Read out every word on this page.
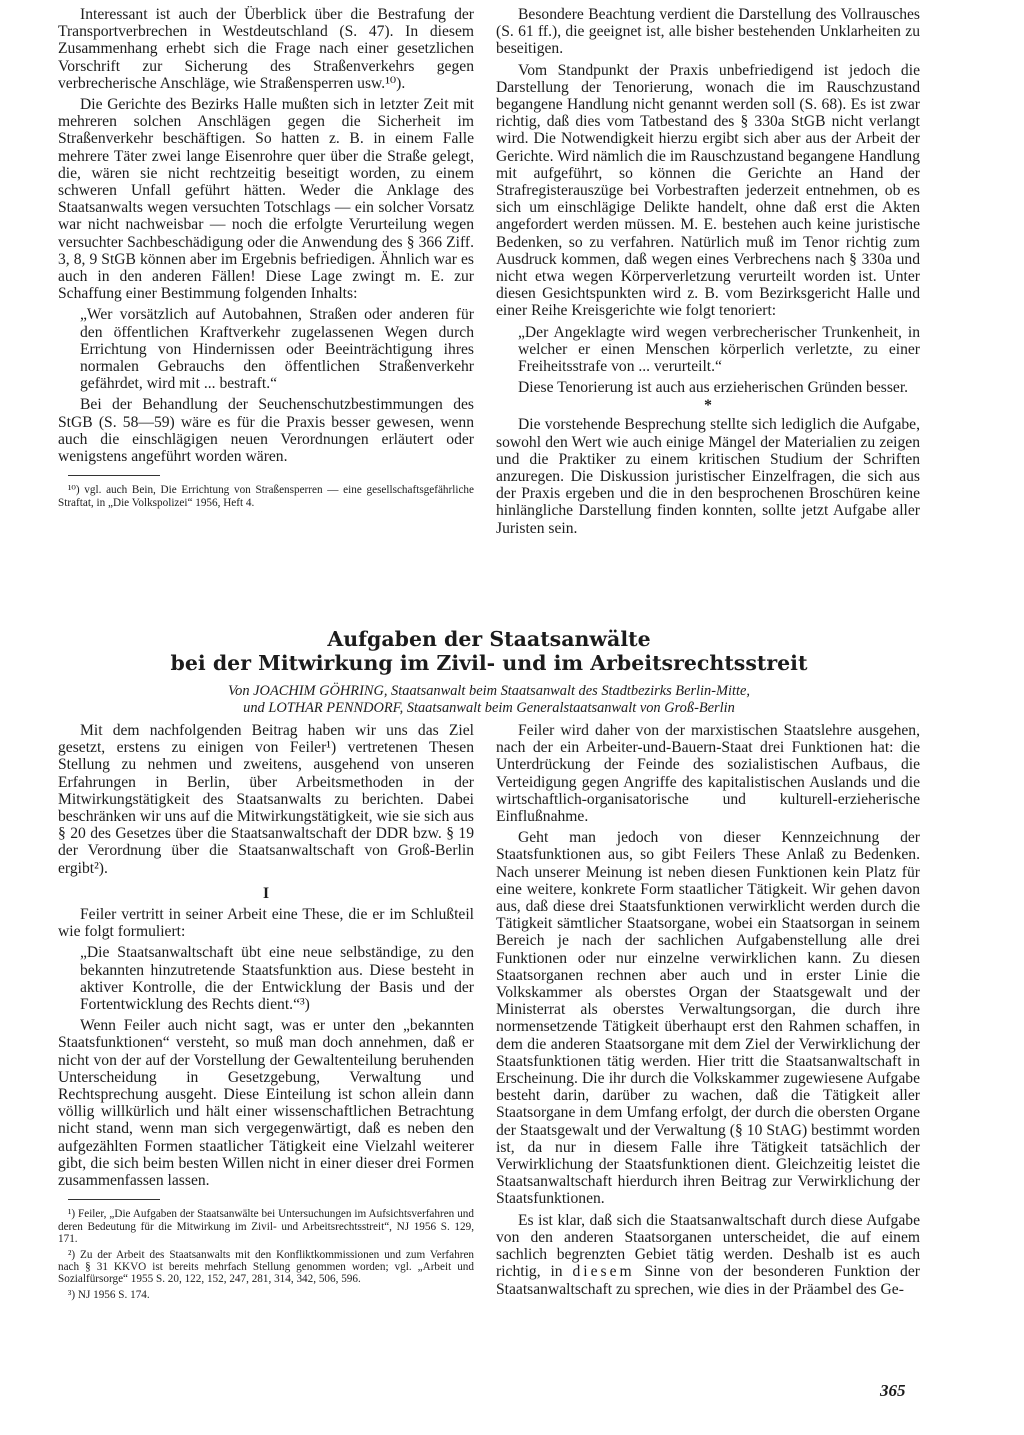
Interessant ist auch der Überblick über die Bestrafung der Transportverbrechen in Westdeutschland (S. 47). In diesem Zusammenhang erhebt sich die Frage nach einer gesetzlichen Vorschrift zur Sicherung des Straßenverkehrs gegen verbrecherische Anschläge, wie Straßensperren usw.¹⁰).

Die Gerichte des Bezirks Halle mußten sich in letzter Zeit mit mehreren solchen Anschlägen gegen die Sicherheit im Straßenverkehr beschäftigen. So hatten z. B. in einem Falle mehrere Täter zwei lange Eisenrohre quer über die Straße gelegt, die, wären sie nicht rechtzeitig beseitigt worden, zu einem schweren Unfall geführt hätten. Weder die Anklage des Staatsanwalts wegen versuchten Totschlags — ein solcher Vorsatz war nicht nachweisbar — noch die erfolgte Verurteilung wegen versuchter Sachbeschädigung oder die Anwendung des § 366 Ziff. 3, 8, 9 StGB können aber im Ergebnis befriedigen. Ähnlich war es auch in den anderen Fällen! Diese Lage zwingt m. E. zur Schaffung einer Bestimmung folgenden Inhalts:

„Wer vorsätzlich auf Autobahnen, Straßen oder anderen für den öffentlichen Kraftverkehr zugelassenen Wegen durch Errichtung von Hindernissen oder Beeinträchtigung ihres normalen Gebrauchs den öffentlichen Straßenverkehr gefährdet, wird mit ... bestraft.“

Bei der Behandlung der Seuchenschutzbestimmungen des StGB (S. 58—59) wäre es für die Praxis besser gewesen, wenn auch die einschlägigen neuen Verordnungen erläutert oder wenigstens angeführt worden wären.

¹⁰) vgl. auch Bein, Die Errichtung von Straßensperren — eine gesellschaftsgefährliche Straftat, in „Die Volkspolizei“ 1956, Heft 4.

Besondere Beachtung verdient die Darstellung des Vollrausches (S. 61 ff.), die geeignet ist, alle bisher bestehenden Unklarheiten zu beseitigen.

Vom Standpunkt der Praxis unbefriedigend ist jedoch die Darstellung der Tenorierung, wonach die im Rauschzustand begangene Handlung nicht genannt werden soll (S. 68). Es ist zwar richtig, daß dies vom Tatbestand des § 330a StGB nicht verlangt wird. Die Notwendigkeit hierzu ergibt sich aber aus der Arbeit der Gerichte. Wird nämlich die im Rauschzustand begangene Handlung mit aufgeführt, so können die Gerichte an Hand der Strafregisterauszüge bei Vorbestraften jederzeit entnehmen, ob es sich um einschlägige Delikte handelt, ohne daß erst die Akten angefordert werden müssen. M. E. bestehen auch keine juristische Bedenken, so zu verfahren. Natürlich muß im Tenor richtig zum Ausdruck kommen, daß wegen eines Verbrechens nach § 330a und nicht etwa wegen Körperverletzung verurteilt worden ist. Unter diesen Gesichtspunkten wird z. B. vom Bezirksgericht Halle und einer Reihe Kreisgerichte wie folgt tenoriert:

„Der Angeklagte wird wegen verbrecherischer Trunkenheit, in welcher er einen Menschen körperlich verletzte, zu einer Freiheitsstrafe von ... verurteilt.“

Diese Tenorierung ist auch aus erzieherischen Gründen besser.

*

Die vorstehende Besprechung stellte sich lediglich die Aufgabe, sowohl den Wert wie auch einige Mängel der Materialien zu zeigen und die Praktiker zu einem kritischen Studium der Schriften anzuregen. Die Diskussion juristischer Einzelfragen, die sich aus der Praxis ergeben und die in den besprochenen Broschüren keine hinlängliche Darstellung finden konnten, sollte jetzt Aufgabe aller Juristen sein.

Aufgaben der Staatsanwälte
bei der Mitwirkung im Zivil- und im Arbeitsrechtsstreit
Von JOACHIM GÖHRING, Staatsanwalt beim Staatsanwalt des Stadtbezirks Berlin-Mitte,
und LOTHAR PENNDORF, Staatsanwalt beim Generalstaatsanwalt von Groß-Berlin

Mit dem nachfolgenden Beitrag haben wir uns das Ziel gesetzt, erstens zu einigen von Feiler¹) vertretenen Thesen Stellung zu nehmen und zweitens, ausgehend von unseren Erfahrungen in Berlin, über Arbeitsmethoden in der Mitwirkungstätigkeit des Staatsanwalts zu berichten. Dabei beschränken wir uns auf die Mitwirkungstätigkeit, wie sie sich aus § 20 des Gesetzes über die Staatsanwaltschaft der DDR bzw. § 19 der Verordnung über die Staatsanwaltschaft von Groß-Berlin ergibt²).

I

Feiler vertritt in seiner Arbeit eine These, die er im Schlußteil wie folgt formuliert:

„Die Staatsanwaltschaft übt eine neue selbständige, zu den bekannten hinzutretende Staatsfunktion aus. Diese besteht in aktiver Kontrolle, die der Entwicklung der Basis und der Fortentwicklung des Rechts dient.“³)

Wenn Feiler auch nicht sagt, was er unter den „bekannten Staatsfunktionen“ versteht, so muß man doch annehmen, daß er nicht von der auf der Vorstellung der Gewaltenteilung beruhenden Unterscheidung in Gesetzgebung, Verwaltung und Rechtsprechung ausgeht. Diese Einteilung ist schon allein dann völlig willkürlich und hält einer wissenschaftlichen Betrachtung nicht stand, wenn man sich vergegenwärtigt, daß es neben den aufgezählten Formen staatlicher Tätigkeit eine Vielzahl weiterer gibt, die sich beim besten Willen nicht in einer dieser drei Formen zusammenfassen lassen.

¹) Feiler, „Die Aufgaben der Staatsanwälte bei Untersuchungen im Aufsichtsverfahren und deren Bedeutung für die Mitwirkung im Zivil- und Arbeitsrechtsstreit“, NJ 1956 S. 129, 171.

²) Zu der Arbeit des Staatsanwalts mit den Konfliktkommissionen und zum Verfahren nach § 31 KKVO ist bereits mehrfach Stellung genommen worden; vgl. „Arbeit und Sozialfürsorge“ 1955 S. 20, 122, 152, 247, 281, 314, 342, 506, 596.

³) NJ 1956 S. 174.

Feiler wird daher von der marxistischen Staatslehre ausgehen, nach der ein Arbeiter-und-Bauern-Staat drei Funktionen hat: die Unterdrückung der Feinde des sozialistischen Aufbaus, die Verteidigung gegen Angriffe des kapitalistischen Auslands und die wirtschaftlich-organisatorische und kulturell-erzieherische Einflußnahme.

Geht man jedoch von dieser Kennzeichnung der Staatsfunktionen aus, so gibt Feilers These Anlaß zu Bedenken. Nach unserer Meinung ist neben diesen Funktionen kein Platz für eine weitere, konkrete Form staatlicher Tätigkeit. Wir gehen davon aus, daß diese drei Staatsfunktionen verwirklicht werden durch die Tätigkeit sämtlicher Staatsorgane, wobei ein Staatsorgan in seinem Bereich je nach der sachlichen Aufgabenstellung alle drei Funktionen oder nur einzelne verwirklichen kann. Zu diesen Staatsorganen rechnen aber auch und in erster Linie die Volkskammer als oberstes Organ der Staatsgewalt und der Ministerrat als oberstes Verwaltungsorgan, die durch ihre normensetzende Tätigkeit überhaupt erst den Rahmen schaffen, in dem die anderen Staatsorgane mit dem Ziel der Verwirklichung der Staatsfunktionen tätig werden. Hier tritt die Staatsanwaltschaft in Erscheinung. Die ihr durch die Volkskammer zugewiesene Aufgabe besteht darin, darüber zu wachen, daß die Tätigkeit aller Staatsorgane in dem Umfang erfolgt, der durch die obersten Organe der Staatsgewalt und der Verwaltung (§ 10 StAG) bestimmt worden ist, da nur in diesem Falle ihre Tätigkeit tatsächlich der Verwirklichung der Staatsfunktionen dient. Gleichzeitig leistet die Staatsanwaltschaft hierdurch ihren Beitrag zur Verwirklichung der Staatsfunktionen.

Es ist klar, daß sich die Staatsanwaltschaft durch diese Aufgabe von den anderen Staatsorganen unterscheidet, die auf einem sachlich begrenzten Gebiet tätig werden. Deshalb ist es auch richtig, in diesem Sinne von der besonderen Funktion der Staatsanwaltschaft zu sprechen, wie dies in der Präambel des Ge-

365
